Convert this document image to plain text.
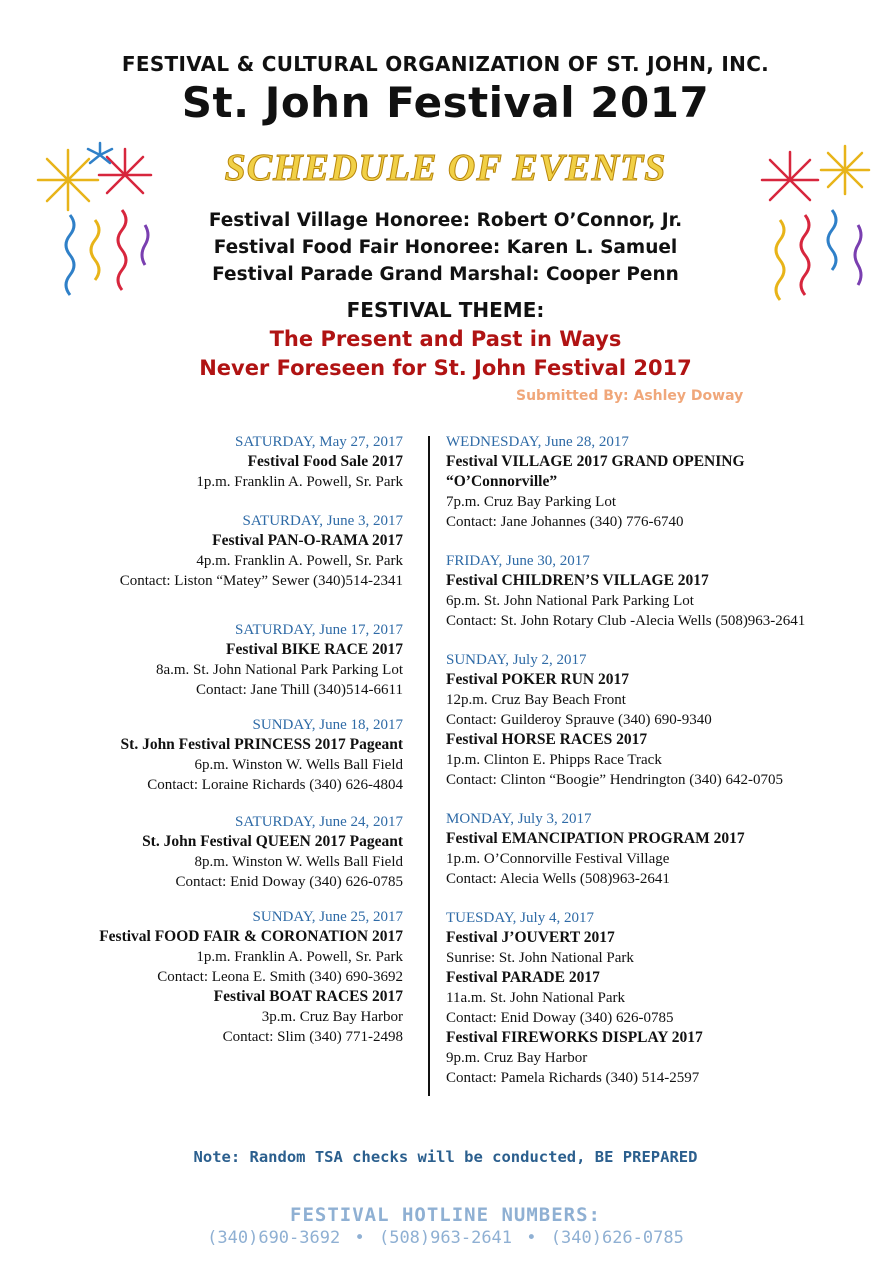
FESTIVAL & CULTURAL ORGANIZATION OF ST. JOHN, INC.
St. John Festival 2017
SCHEDULE OF EVENTS
Festival Village Honoree: Robert O’Connor, Jr.
Festival Food Fair Honoree: Karen L. Samuel
Festival Parade Grand Marshal: Cooper Penn
FESTIVAL THEME:
The Present and Past in Ways
Never Foreseen for St. John Festival 2017
Submitted By: Ashley Doway
SATURDAY, May 27, 2017
Festival Food Sale 2017
1p.m. Franklin A. Powell, Sr. Park
SATURDAY, June 3, 2017
Festival PAN-O-RAMA 2017
4p.m. Franklin A. Powell, Sr. Park
Contact: Liston “Matey” Sewer (340)514-2341
SATURDAY, June 17, 2017
Festival BIKE RACE 2017
8a.m. St. John National Park Parking Lot
Contact: Jane Thill (340)514-6611
SUNDAY, June 18, 2017
St. John Festival PRINCESS 2017 Pageant
6p.m. Winston W. Wells Ball Field
Contact: Loraine Richards (340) 626-4804
SATURDAY, June 24, 2017
St. John Festival QUEEN 2017 Pageant
8p.m. Winston W. Wells Ball Field
Contact: Enid Doway (340) 626-0785
SUNDAY, June 25, 2017
Festival FOOD FAIR & CORONATION 2017
1p.m. Franklin A. Powell, Sr. Park
Contact: Leona E. Smith (340) 690-3692
Festival BOAT RACES 2017
3p.m. Cruz Bay Harbor
Contact: Slim (340) 771-2498
WEDNESDAY, June 28, 2017
Festival VILLAGE 2017 GRAND OPENING
“O’Connorville”
7p.m. Cruz Bay Parking Lot
Contact: Jane Johannes (340) 776-6740
FRIDAY, June 30, 2017
Festival CHILDREN’S VILLAGE 2017
6p.m. St. John National Park Parking Lot
Contact: St. John Rotary Club -Alecia Wells (508)963-2641
SUNDAY, July 2, 2017
Festival POKER RUN 2017
12p.m. Cruz Bay Beach Front
Contact: Guilderoy Sprauve (340) 690-9340
Festival HORSE RACES 2017
1p.m. Clinton E. Phipps Race Track
Contact: Clinton “Boogie” Hendrington (340) 642-0705
MONDAY, July 3, 2017
Festival EMANCIPATION PROGRAM 2017
1p.m. O’Connorville Festival Village
Contact: Alecia Wells (508)963-2641
TUESDAY, July 4, 2017
Festival J’OUVERT 2017
Sunrise: St. John National Park
Festival PARADE 2017
11a.m. St. John National Park
Contact: Enid Doway (340) 626-0785
Festival FIREWORKS DISPLAY 2017
9p.m. Cruz Bay Harbor
Contact: Pamela Richards (340) 514-2597
Note: Random TSA checks will be conducted, BE PREPARED
FESTIVAL HOTLINE NUMBERS:
(340)690-3692 • (508)963-2641 • (340)626-0785
